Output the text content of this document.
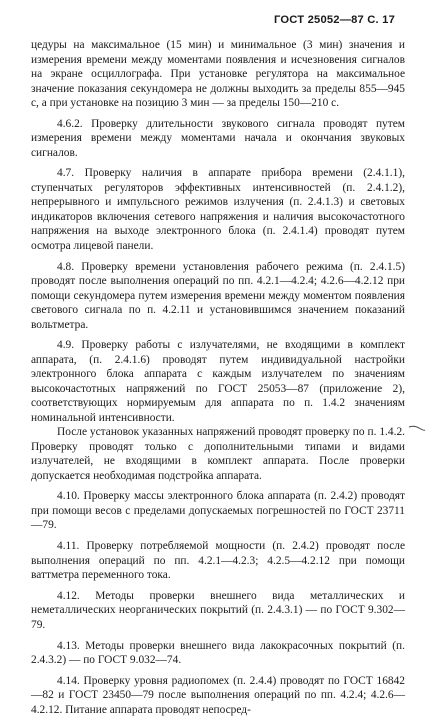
ГОСТ 25052—87 С. 17

цедуры на максимальное (15 мин) и минимальное (3 мин) значения и измерения времени между моментами появления и исчезновения сигналов на экране осциллографа. При установке регулятора на максимальное значение показания секундомера не должны выходить за пределы 855—945 с, а при установке на позицию 3 мин — за пределы 150—210 с.

4.6.2. Проверку длительности звукового сигнала проводят путем измерения времени между моментами начала и окончания звуковых сигналов.

4.7. Проверку наличия в аппарате прибора времени (2.4.1.1), ступенчатых регуляторов эффективных интенсивностей (п. 2.4.1.2), непрерывного и импульсного режимов излучения (п. 2.4.1.3) и световых индикаторов включения сетевого напряжения и наличия высокочастотного напряжения на выходе электронного блока (п. 2.4.1.4) проводят путем осмотра лицевой панели.

4.8. Проверку времени установления рабочего режима (п. 2.4.1.5) проводят после выполнения операций по пп. 4.2.1—4.2.4; 4.2.6—4.2.12 при помощи секундомера путем измерения времени между моментом появления светового сигнала по п. 4.2.11 и установившимся значением показаний вольтметра.

4.9. Проверку работы с излучателями, не входящими в комплект аппарата, (п. 2.4.1.6) проводят путем индивидуальной настройки электронного блока аппарата с каждым излучателем по значениям высокочастотных напряжений по ГОСТ 25053—87 (приложение 2), соответствующих нормируемым для аппарата по п. 1.4.2 значениям номинальной интенсивности.

После установок указанных напряжений проводят проверку по п. 1.4.2. Проверку проводят только с дополнительными типами и видами излучателей, не входящими в комплект аппарата. После проверки допускается необходимая подстройка аппарата.

4.10. Проверку массы электронного блока аппарата (п. 2.4.2) проводят при помощи весов с пределами допускаемых погрешностей по ГОСТ 23711—79.

4.11. Проверку потребляемой мощности (п. 2.4.2) проводят после выполнения операций по пп. 4.2.1—4.2.3; 4.2.5—4.2.12 при помощи ваттметра переменного тока.

4.12. Методы проверки внешнего вида металлических и неметаллических неорганических покрытий (п. 2.4.3.1) — по ГОСТ 9.302—79.

4.13. Методы проверки внешнего вида лакокрасочных покрытий (п. 2.4.3.2) — по ГОСТ 9.032—74.

4.14. Проверку уровня радиопомех (п. 2.4.4) проводят по ГОСТ 16842—82 и ГОСТ 23450—79 после выполнения операций по пп. 4.2.4; 4.2.6—4.2.12. Питание аппарата проводят непосред-
